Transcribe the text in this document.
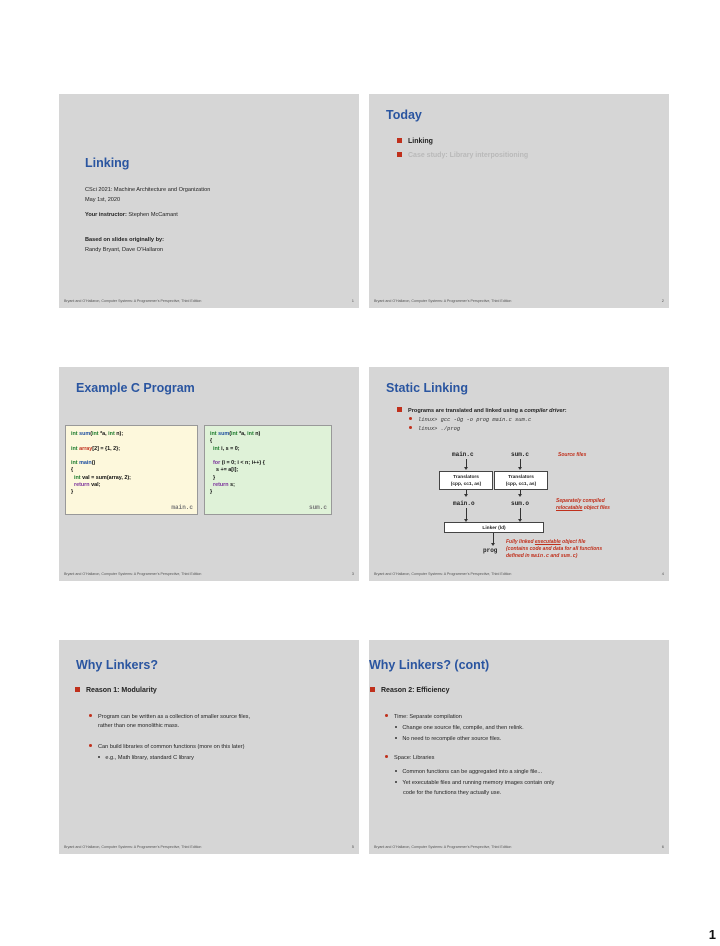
Linking
CSci 2021: Machine Architecture and Organization
May 1st, 2020
Your instructor: Stephen McCamant
Based on slides originally by:
Randy Bryant, Dave O’Hallaron
Bryant and O’Hallaron, Computer Systems: A Programmer’s Perspective, Third Edition	1
Today
Linking
Case study: Library interpositioning
Bryant and O’Hallaron, Computer Systems: A Programmer’s Perspective, Third Edition	2
Example C Program
int sum(int *a, int n);

int array[2] = {1, 2};

int main()
{
int val = sum(array, 2);
return val;
}
main.c
int sum(int *a, int n)
{
int i, s = 0;

for (i = 0; i < n; i++) {
s += a[i];
}
return s;
}
sum.c
Bryant and O’Hallaron, Computer Systems: A Programmer’s Perspective, Third Edition	3
Static Linking
Programs are translated and linked using a compiler driver:
linux> gcc -Og -o prog main.c sum.c
linux> ./prog
main.c	sum.c	Source files
Translators
(cpp, cc1, as)
Translators
(cpp, cc1, as)
main.o	sum.o	Separately compiled
relocatable object files
Linker (ld)
prog
Fully linked executable object file
(contains code and data for all functions
defined in main.c and sum.c)
Bryant and O’Hallaron, Computer Systems: A Programmer’s Perspective, Third Edition	4
Why Linkers?
Reason 1: Modularity
Program can be written as a collection of smaller source files,
rather than one monolithic mass.
Can build libraries of common functions (more on this later)
e.g., Math library, standard C library
Bryant and O’Hallaron, Computer Systems: A Programmer’s Perspective, Third Edition	5
Why Linkers? (cont)
Reason 2: Efficiency
Time: Separate compilation
Change one source file, compile, and then relink.
No need to recompile other source files.
Space: Libraries
Common functions can be aggregated into a single file...
Yet executable files and running memory images contain only
code for the functions they actually use.
Bryant and O’Hallaron, Computer Systems: A Programmer’s Perspective, Third Edition	6
1
